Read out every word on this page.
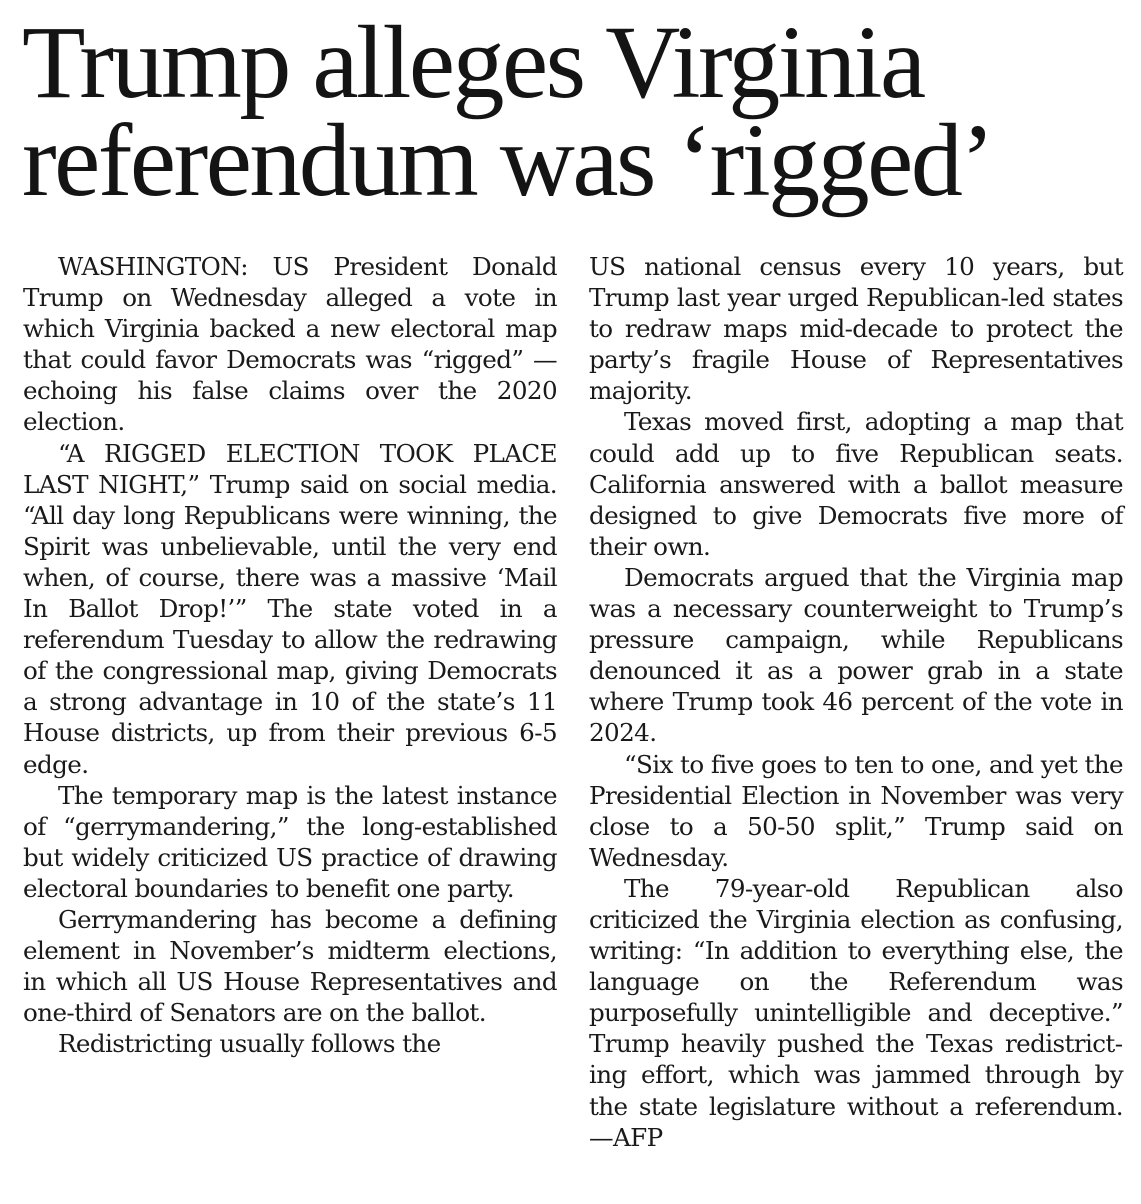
Trump alleges Virginia
referendum was ‘rigged’

WASHINGTON: US President Donald Trump on Wednesday alleged a vote in which Virginia backed a new electoral map that could favor Democrats was “rigged” — echoing his false claims over the 2020 election.

“A RIGGED ELECTION TOOK PLACE LAST NIGHT,” Trump said on social media. “All day long Republicans were winning, the Spirit was unbelievable, until the very end when, of course, there was a massive ‘Mail In Ballot Drop!’” The state voted in a referendum Tuesday to allow the redrawing of the congressional map, giving Democrats a strong advantage in 10 of the state’s 11 House districts, up from their previous 6-5 edge.

The temporary map is the latest instance of “gerrymandering,” the long-established but widely criticized US practice of drawing electoral boundaries to benefit one party.

Gerrymandering has become a defining element in November’s midterm elections, in which all US House Representatives and one-third of Senators are on the ballot.

Redistricting usually follows the

US national census every 10 years, but Trump last year urged Republican-led states to redraw maps mid-decade to protect the party’s fragile House of Representatives majority.

Texas moved first, adopting a map that could add up to five Republican seats. California answered with a ballot measure designed to give Democrats five more of their own.

Democrats argued that the Virginia map was a necessary counterweight to Trump’s pressure campaign, while Republicans denounced it as a power grab in a state where Trump took 46 percent of the vote in 2024.

“Six to five goes to ten to one, and yet the Presidential Election in November was very close to a 50-50 split,” Trump said on Wednesday.

The 79-year-old Republican also criticized the Virginia election as confusing, writing: “In addition to everything else, the language on the Referendum was purposefully unintelligible and deceptive.” Trump heavily pushed the Texas redistricting effort, which was jammed through by the state legislature without a referendum.—AFP
